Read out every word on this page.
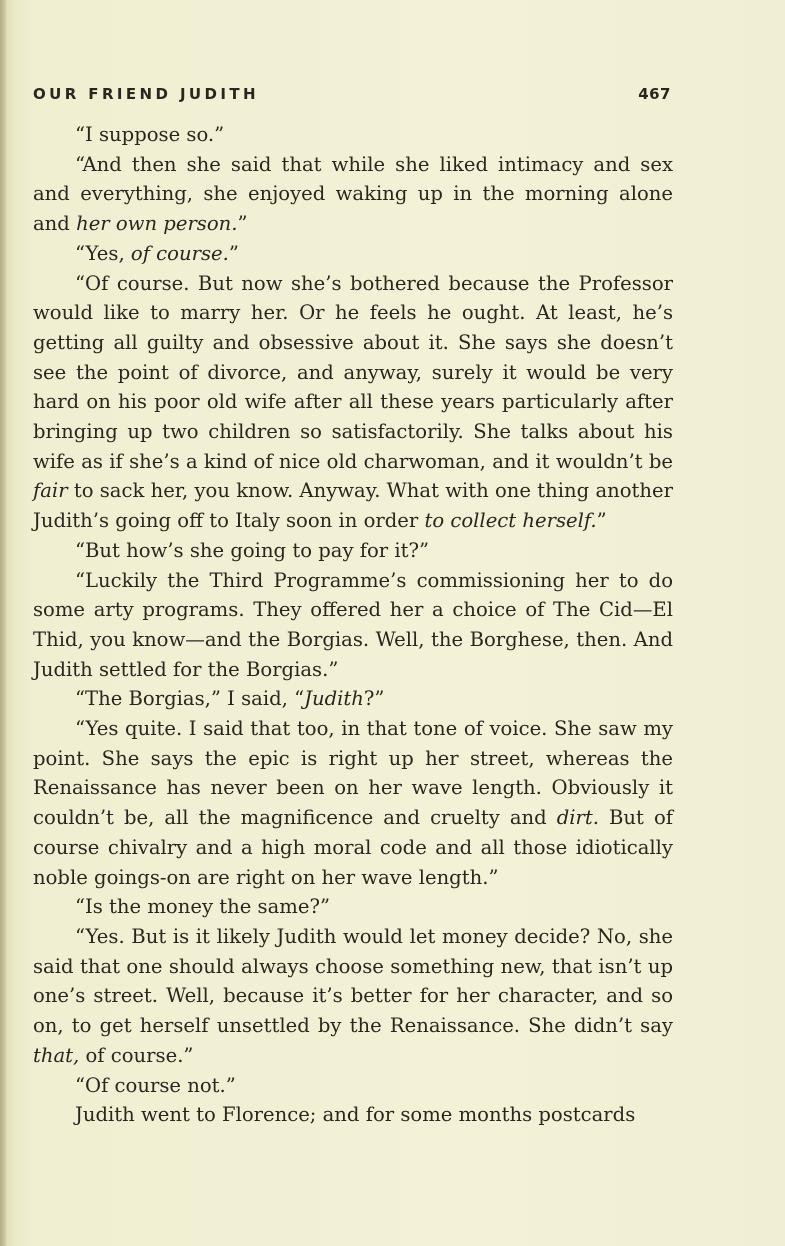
OUR FRIEND JUDITH	467

“I suppose so.”

“And then she said that while she liked intimacy and sex and everything, she enjoyed waking up in the morning alone and her own person.”

“Yes, of course.”

“Of course. But now she’s bothered because the Professor would like to marry her. Or he feels he ought. At least, he’s getting all guilty and obsessive about it. She says she doesn’t see the point of divorce, and anyway, surely it would be very hard on his poor old wife after all these years particularly after bringing up two children so satisfactorily. She talks about his wife as if she’s a kind of nice old charwoman, and it wouldn’t be fair to sack her, you know. Anyway. What with one thing another Judith’s going off to Italy soon in order to collect herself.”

“But how’s she going to pay for it?”

“Luckily the Third Programme’s commissioning her to do some arty programs. They offered her a choice of The Cid—El Thid, you know—and the Borgias. Well, the Borghese, then. And Judith settled for the Borgias.”

“The Borgias,” I said, “Judith?”

“Yes quite. I said that too, in that tone of voice. She saw my point. She says the epic is right up her street, whereas the Renaissance has never been on her wave length. Obviously it couldn’t be, all the magnificence and cruelty and dirt. But of course chivalry and a high moral code and all those idiotically noble goings-on are right on her wave length.”

“Is the money the same?”

“Yes. But is it likely Judith would let money decide? No, she said that one should always choose something new, that isn’t up one’s street. Well, because it’s better for her character, and so on, to get herself unsettled by the Renaissance. She didn’t say that, of course.”

“Of course not.”

Judith went to Florence; and for some months postcards
